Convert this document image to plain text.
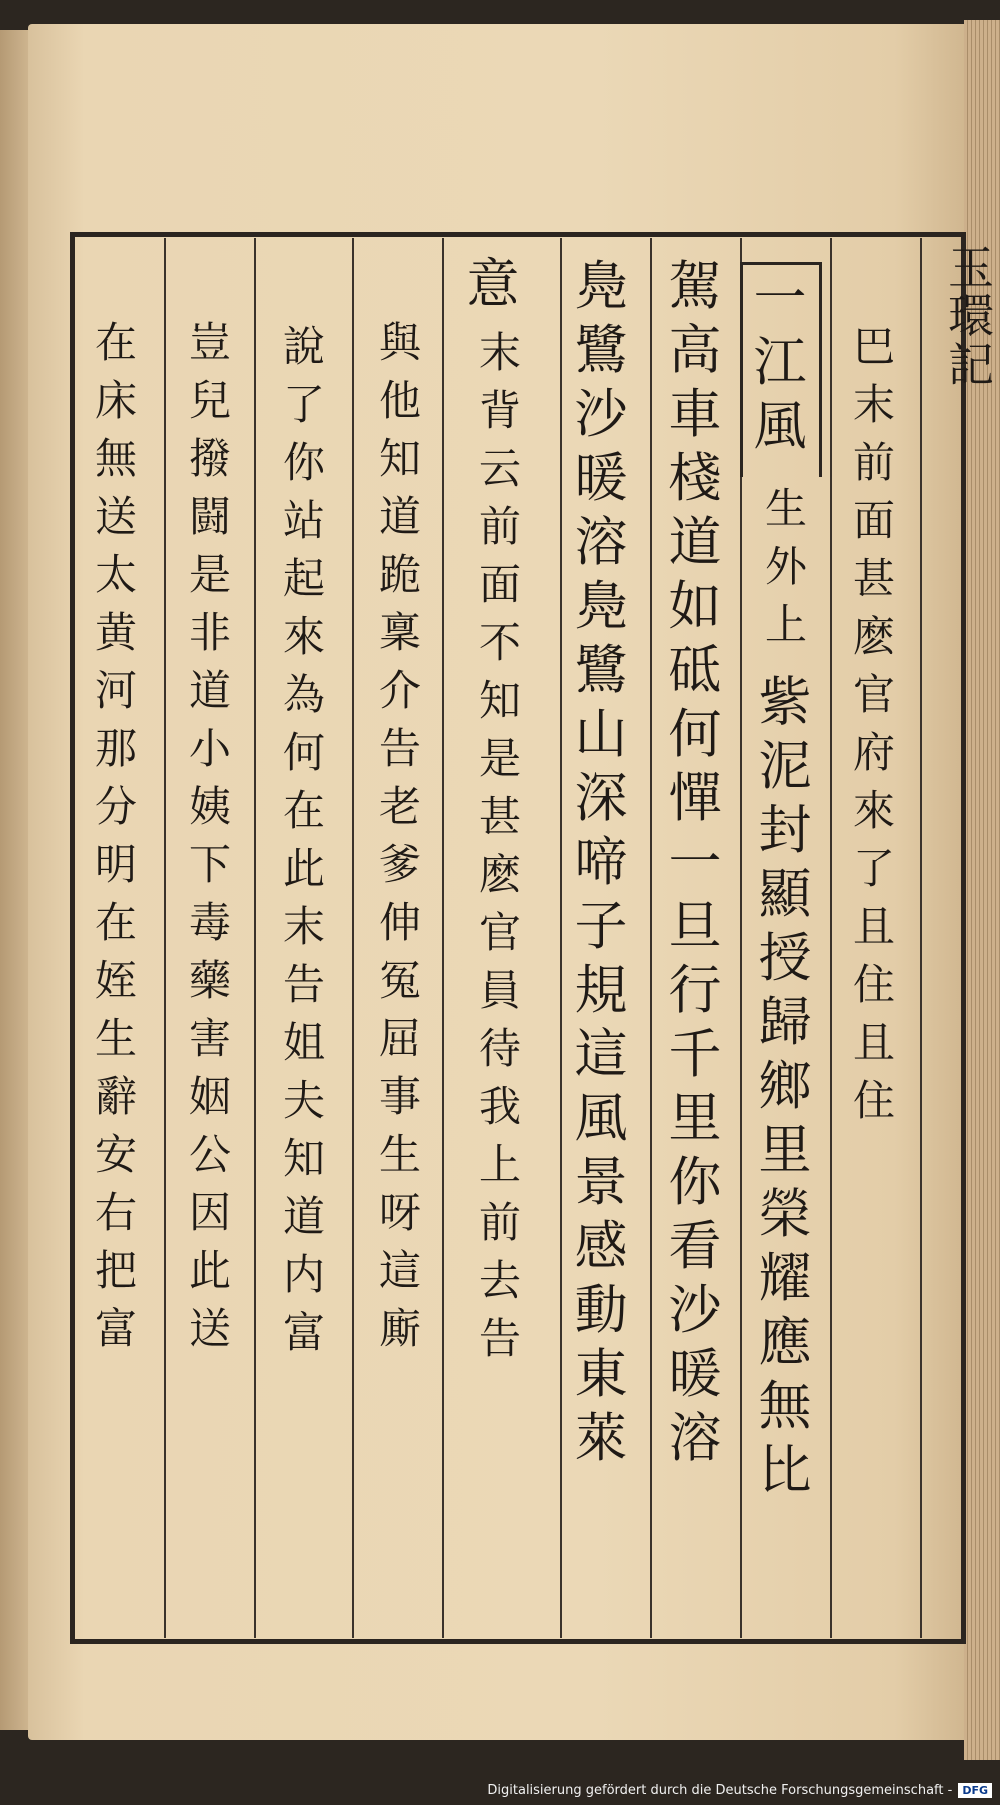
玉環記
巴
末
前
面
甚
麽
官
府
來
了
且
住
且
住
一
江
風
生
外
上
紫
泥
封
顯
授
歸
鄉
里
榮
耀
應
無
比
駕
高
車
棧
道
如
砥
何
憚
一
旦
行
千
里
你
看
沙
暖
溶
鳧
鷺
沙
暖
溶
鳧
鷺
山
深
啼
子
規
這
風
景
感
動
東
萊
意
末
背
云
前
面
不
知
是
甚
麽
官
員
待
我
上
前
去
告
與
他
知
道
跪
稟
介
告
老
爹
伸
冤
屈
事
生
呀
這
廝
說
了
你
站
起
來
為
何
在
此
末
告
姐
夫
知
道
内
富
豈
兒
撥
闘
是
非
道
小
姨
下
毒
藥
害
姻
公
因
此
送
在
床
無
送
太
黄
河
那
分
明
在
姪
生
辭
安
右
把
富
Digitalisierung gefördert durch die Deutsche Forschungsgemeinschaft - DFG
